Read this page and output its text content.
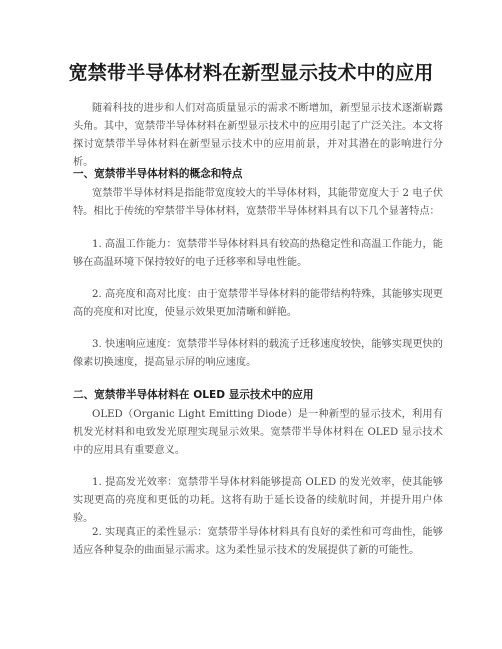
宽禁带半导体材料在新型显示技术中的应用
随着科技的进步和人们对高质量显示的需求不断增加，新型显示技术逐渐崭露头角。其中，宽禁带半导体材料在新型显示技术中的应用引起了广泛关注。本文将探讨宽禁带半导体材料在新型显示技术中的应用前景，并对其潜在的影响进行分析。
一、宽禁带半导体材料的概念和特点
宽禁带半导体材料是指能带宽度较大的半导体材料，其能带宽度大于 2 电子伏特。相比于传统的窄禁带半导体材料，宽禁带半导体材料具有以下几个显著特点：
1. 高温工作能力：宽禁带半导体材料具有较高的热稳定性和高温工作能力，能够在高温环境下保持较好的电子迁移率和导电性能。
2. 高亮度和高对比度：由于宽禁带半导体材料的能带结构特殊，其能够实现更高的亮度和对比度，使显示效果更加清晰和鲜艳。
3. 快速响应速度：宽禁带半导体材料的载流子迁移速度较快，能够实现更快的像素切换速度，提高显示屏的响应速度。
二、宽禁带半导体材料在 OLED 显示技术中的应用
OLED（Organic Light Emitting Diode）是一种新型的显示技术，利用有机发光材料和电致发光原理实现显示效果。宽禁带半导体材料在 OLED 显示技术中的应用具有重要意义。
1. 提高发光效率：宽禁带半导体材料能够提高 OLED 的发光效率，使其能够实现更高的亮度和更低的功耗。这将有助于延长设备的续航时间，并提升用户体验。
2. 实现真正的柔性显示：宽禁带半导体材料具有良好的柔性和可弯曲性，能够适应各种复杂的曲面显示需求。这为柔性显示技术的发展提供了新的可能性。
